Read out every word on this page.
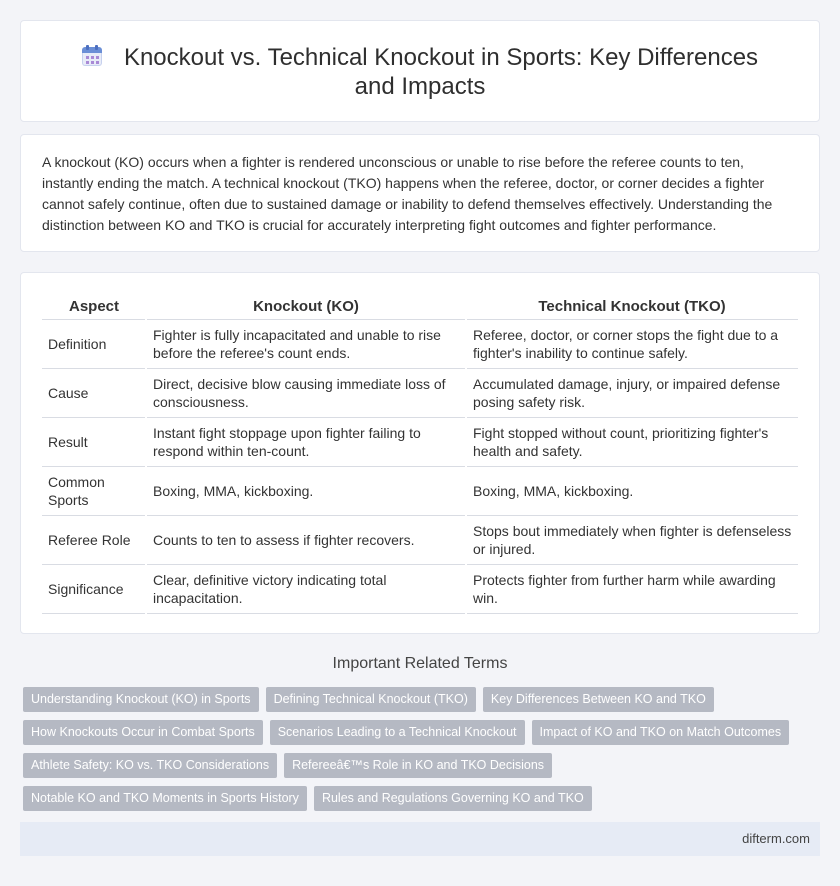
Knockout vs. Technical Knockout in Sports: Key Differences and Impacts

A knockout (KO) occurs when a fighter is rendered unconscious or unable to rise before the referee counts to ten, instantly ending the match. A technical knockout (TKO) happens when the referee, doctor, or corner decides a fighter cannot safely continue, often due to sustained damage or inability to defend themselves effectively. Understanding the distinction between KO and TKO is crucial for accurately interpreting fight outcomes and fighter performance.

Aspect	Knockout (KO)	Technical Knockout (TKO)
Definition	Fighter is fully incapacitated and unable to rise before the referee's count ends.	Referee, doctor, or corner stops the fight due to a fighter's inability to continue safely.
Cause	Direct, decisive blow causing immediate loss of consciousness.	Accumulated damage, injury, or impaired defense posing safety risk.
Result	Instant fight stoppage upon fighter failing to respond within ten-count.	Fight stopped without count, prioritizing fighter's health and safety.
Common Sports	Boxing, MMA, kickboxing.	Boxing, MMA, kickboxing.
Referee Role	Counts to ten to assess if fighter recovers.	Stops bout immediately when fighter is defenseless or injured.
Significance	Clear, definitive victory indicating total incapacitation.	Protects fighter from further harm while awarding win.
Important Related Terms
Understanding Knockout (KO) in Sports	Defining Technical Knockout (TKO)	Key Differences Between KO and TKO
How Knockouts Occur in Combat Sports	Scenarios Leading to a Technical Knockout	Impact of KO and TKO on Match Outcomes
Athlete Safety: KO vs. TKO Considerations	Refereeâ€™s Role in KO and TKO Decisions
Notable KO and TKO Moments in Sports History	Rules and Regulations Governing KO and TKO
difterm.com
